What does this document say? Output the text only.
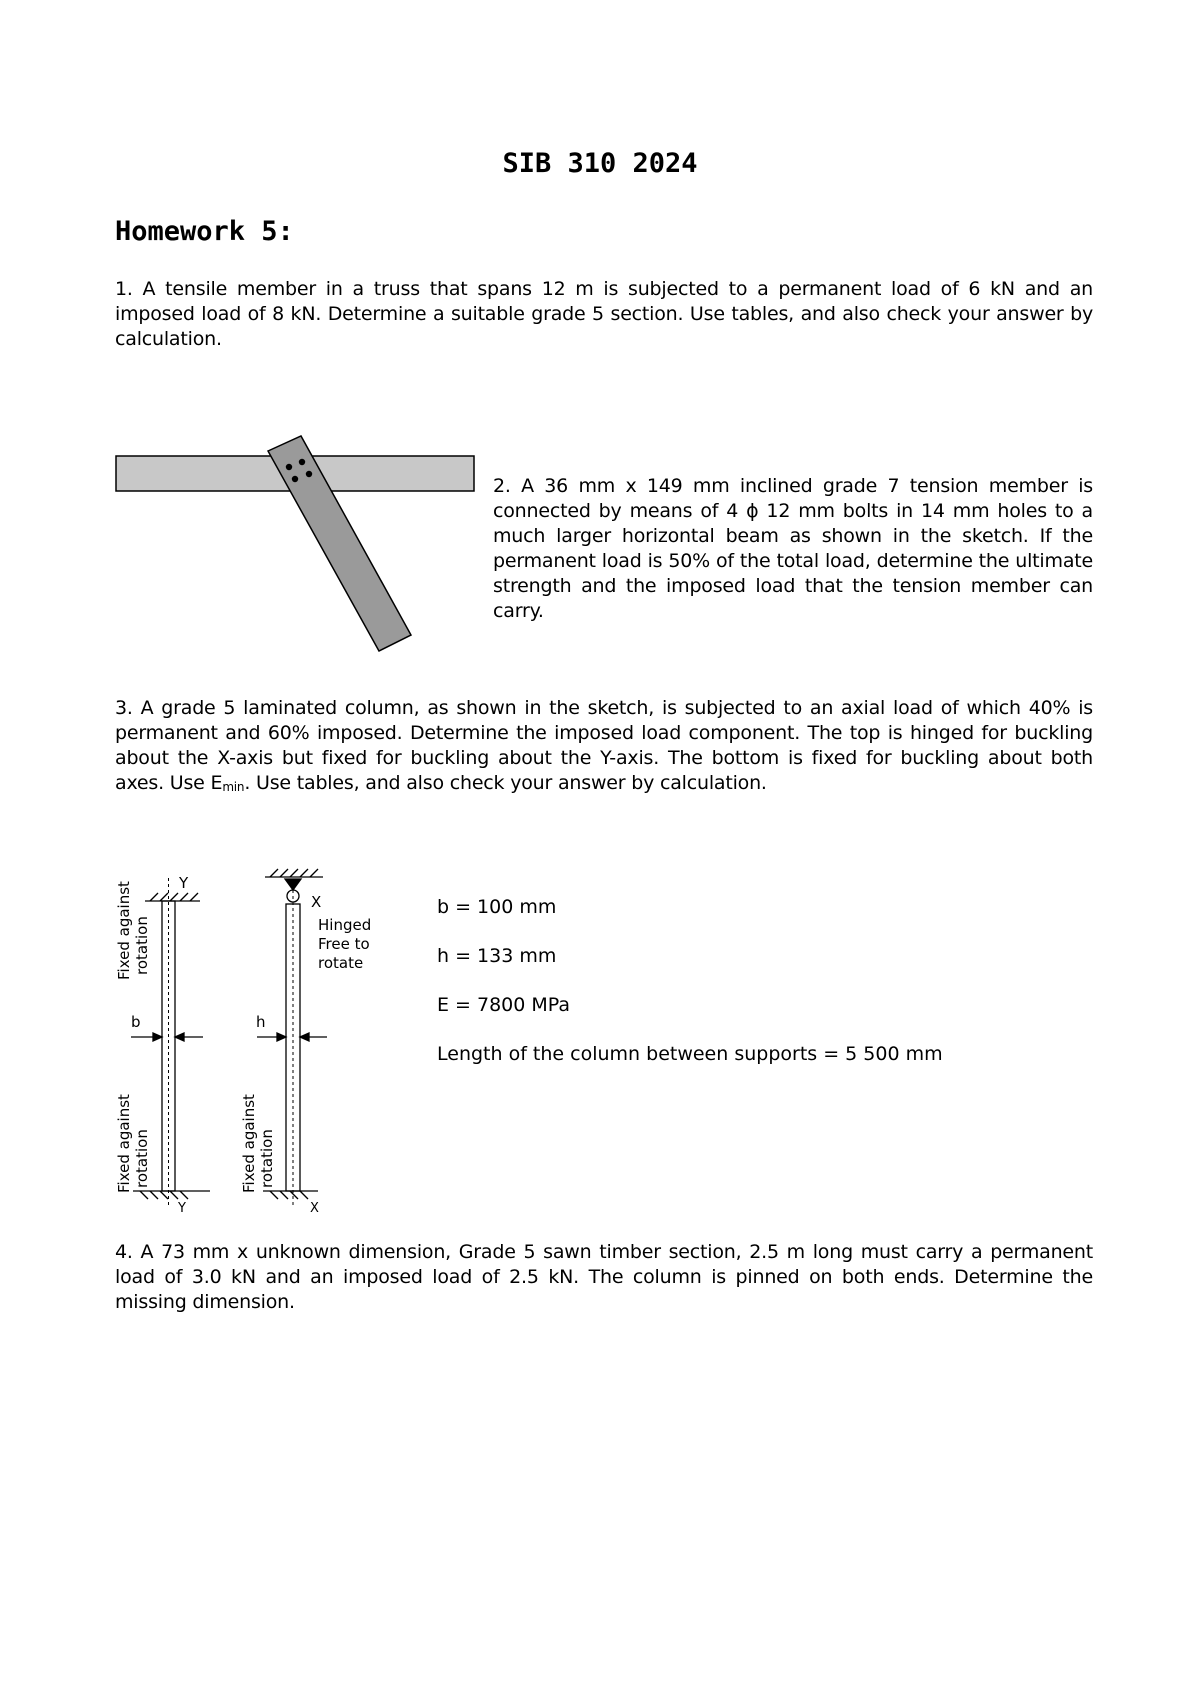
SIB 310 2024
Homework 5:
1. A tensile member in a truss that spans 12 m is subjected to a permanent load of 6 kN and an imposed load of 8 kN. Determine a suitable grade 5 section. Use tables, and also check your answer by calculation.
2. A 36 mm x 149 mm inclined grade 7 tension member is connected by means of 4 ϕ 12 mm bolts in 14 mm holes to a much larger horizontal beam as shown in the sketch. If the permanent load is 50% of the total load, determine the ultimate strength and the imposed load that the tension member can carry.
3. A grade 5 laminated column, as shown in the sketch, is subjected to an axial load of which 40% is permanent and 60% imposed. Determine the imposed load component. The top is hinged for buckling about the X-axis but fixed for buckling about the Y-axis. The bottom is fixed for buckling about both axes. Use $E_{min}$. Use tables, and also check your answer by calculation.
Y
Y
b
Fixed against rotation
Fixed against rotation
X
X
h
Hinged
Free to
rotate
Fixed against rotation
b = 100 mm
h = 133 mm
E = 7800 MPa
Length of the column between supports = 5 500 mm
4. A 73 mm x unknown dimension, Grade 5 sawn timber section, 2.5 m long must carry a permanent load of 3.0 kN and an imposed load of 2.5 kN. The column is pinned on both ends. Determine the missing dimension.
